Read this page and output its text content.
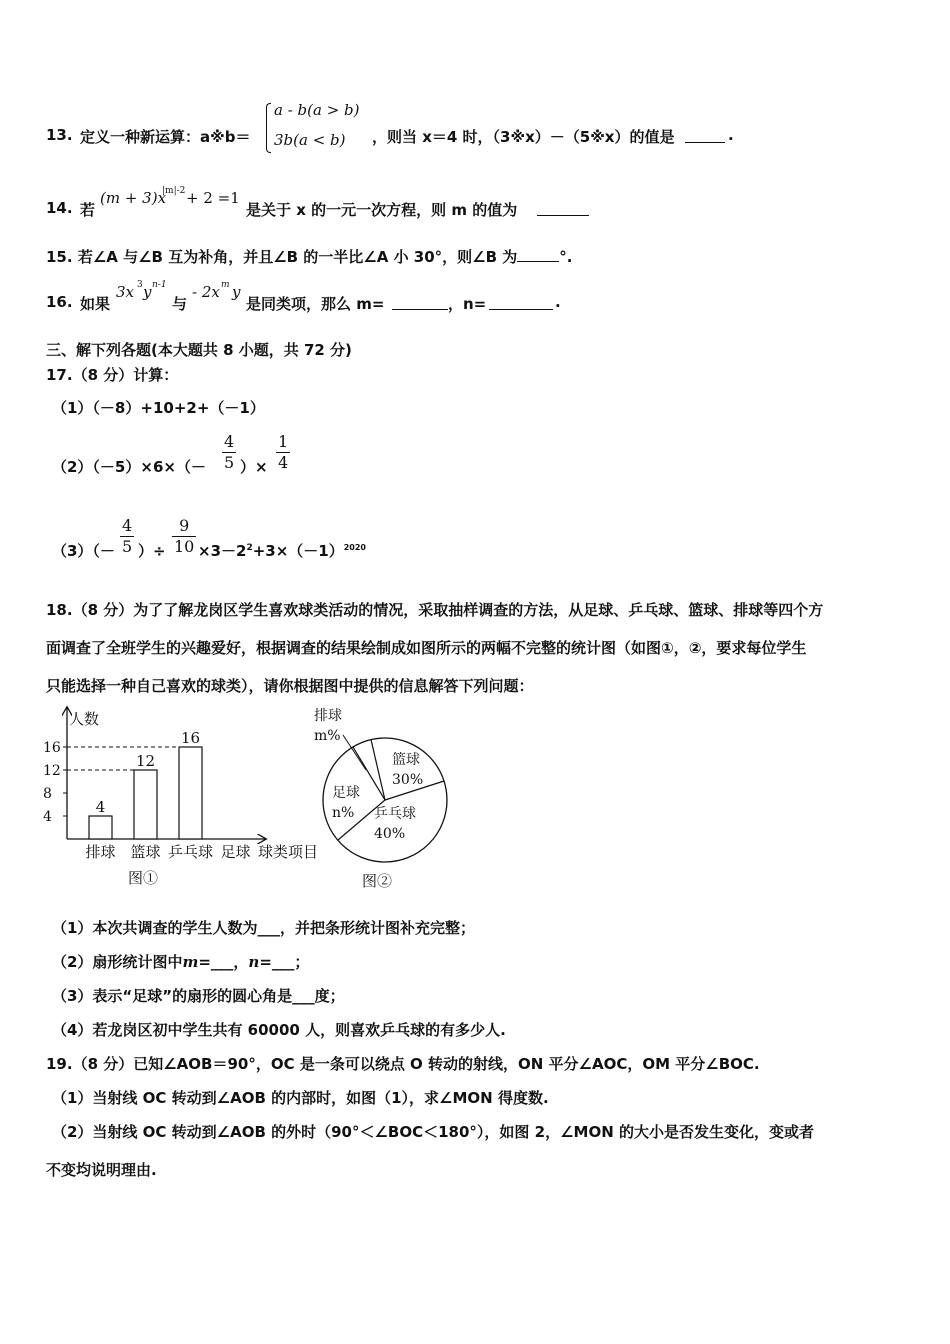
13. 定义一种新运算：a※b＝
a - b(a > b)
3b(a < b) ，则当 x＝4 时，（3※x）－（5※x）的值是	.
14. 若
(m + 3)x
|m|-2 + 2 =1
是关于 x 的一元一次方程，则 m 的值为
15. 若∠A 与∠B 互为补角，并且∠B 的一半比∠A 小 30°，则∠B 为	°.
16. 如果
3x 3 y n-1
与
- 2x m y
是同类项，那么 m=	，n=	.
三、解下列各题(本大题共 8 小题，共 72 分)
17.（8 分）计算：
（1）（－8）+10+2+（－1）
$(2)(-5)\times 6\times(- \frac{4}{5}$ ）× $\frac{1}{4}$
$(3)(- \frac{4}{5}$ ）÷ $\frac{9}{10} \times 3-2^2+3\times(-1)^{2020}$
18.（8 分）为了了解龙岗区学生喜欢球类活动的情况，采取抽样调查的方法，从足球、乒乓球、篮球、排球等四个方
面调查了全班学生的兴趣爱好，根据调查的结果绘制成如图所示的两幅不完整的统计图（如图①，②，要求每位学生
只能选择一种自己喜欢的球类），请你根据图中提供的信息解答下列问题：
人数
4
8
12
16
4
12
16
排球 篮球 乒乓球 足球 球类项目
图①
排球
m%
篮球
30%
足球
n% 乒乓球
40%
图②
（1）本次共调查的学生人数为___，并把条形统计图补充完整；
（2）扇形统计图中m=___，n=___；
（3）表示“足球”的扇形的圆心角是___度；
（4）若龙岗区初中学生共有 60000 人，则喜欢乒乓球的有多少人.
19.（8 分）已知∠AOB＝90°，OC 是一条可以绕点 O 转动的射线，ON 平分∠AOC，OM 平分∠BOC.
（1）当射线 OC 转动到∠AOB 的内部时，如图（1），求∠MON 得度数.
（2）当射线 OC 转动到∠AOB 的外时（90°＜∠BOC＜180°），如图 2，∠MON 的大小是否发生变化，变或者
不变均说明理由.
